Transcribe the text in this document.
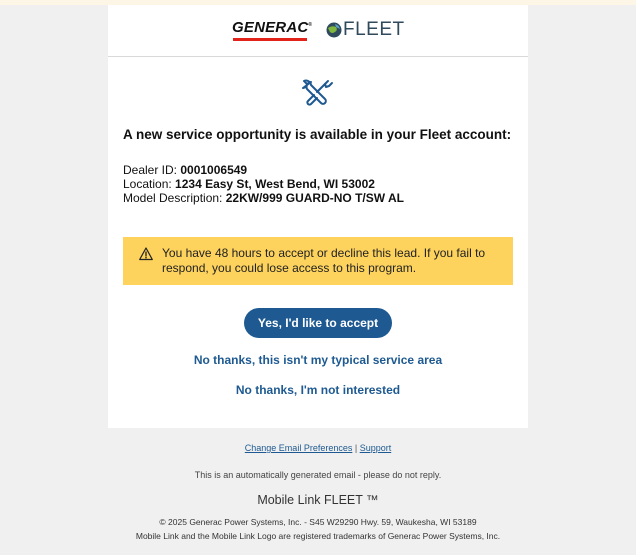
GENERAC® FLEET
A new service opportunity is available in your Fleet account:
Dealer ID: 0001006549
Location: 1234 Easy St, West Bend, WI 53002
Model Description: 22KW/999 GUARD-NO T/SW AL
You have 48 hours to accept or decline this lead. If you fail to respond, you could lose access to this program.
Yes, I'd like to accept
No thanks, this isn't my typical service area
No thanks, I'm not interested
Change Email Preferences | Support
This is an automatically generated email - please do not reply.
Mobile Link FLEET ™
© 2025 Generac Power Systems, Inc. - S45 W29290 Hwy. 59, Waukesha, WI 53189
Mobile Link and the Mobile Link Logo are registered trademarks of Generac Power Systems, Inc.
